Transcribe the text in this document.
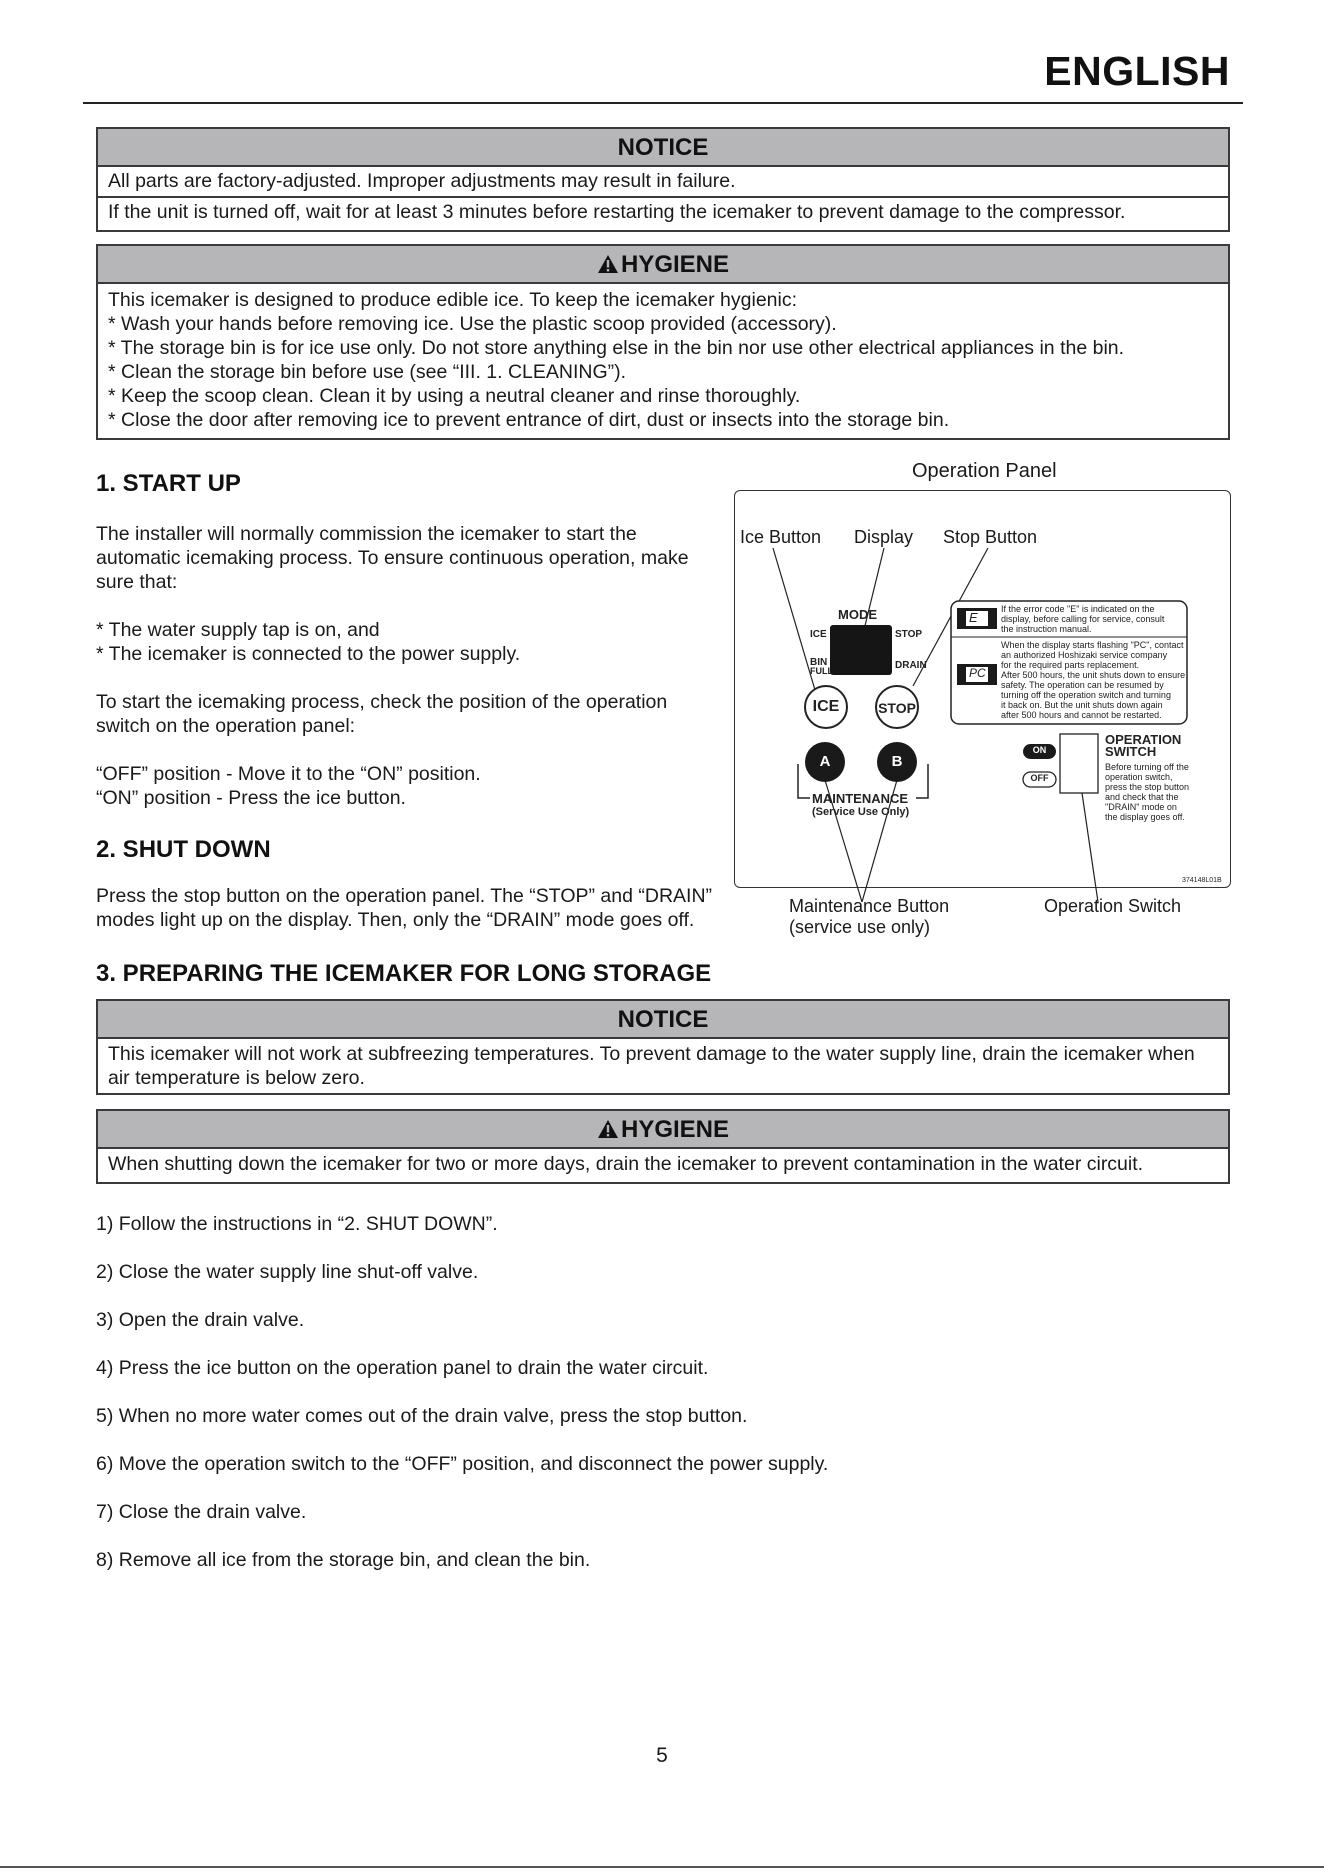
ENGLISH
NOTICE
All parts are factory-adjusted. Improper adjustments may result in failure.
If the unit is turned off, wait for at least 3 minutes before restarting the icemaker to prevent damage to the compressor.
HYGIENE
This icemaker is designed to produce edible ice. To keep the icemaker hygienic:
* Wash your hands before removing ice. Use the plastic scoop provided (accessory).
* The storage bin is for ice use only. Do not store anything else in the bin nor use other electrical appliances in the bin.
* Clean the storage bin before use (see “III. 1. CLEANING”).
* Keep the scoop clean. Clean it by using a neutral cleaner and rinse thoroughly.
* Close the door after removing ice to prevent entrance of dirt, dust or insects into the storage bin.
1. START UP
The installer will normally commission the icemaker to start the
automatic icemaking process. To ensure continuous operation, make
sure that:
* The water supply tap is on, and
* The icemaker is connected to the power supply.
To start the icemaking process, check the position of the operation
switch on the operation panel:
“OFF” position - Move it to the “ON” position.
“ON” position - Press the ice button.
2. SHUT DOWN
Press the stop button on the operation panel. The “STOP” and “DRAIN”
modes light up on the display. Then, only the “DRAIN” mode goes off.
Operation Panel
Ice Button Display Stop Button
MODE
ICE	STOP
BIN
FULL	DRAIN
ICE	STOP
A	B
MAINTENANCE
(Service Use Only)
E
PC
If the error code "E" is indicated on the
display, before calling for service, consult
the instruction manual.
When the display starts flashing "PC", contact
an authorized Hoshizaki service company
for the required parts replacement.
After 500 hours, the unit shuts down to ensure
safety. The operation can be resumed by
turning off the operation switch and turning
it back on. But the unit shuts down again
after 500 hours and cannot be restarted.
ON
OFF
OPERATION
SWITCH
Before turning off the
operation switch,
press the stop button
and check that the
"DRAIN" mode on
the display goes off.
374148L01B
Maintenance Button
(service use only)
Operation Switch
3. PREPARING THE ICEMAKER FOR LONG STORAGE
NOTICE
This icemaker will not work at subfreezing temperatures. To prevent damage to the water supply line, drain the icemaker when
air temperature is below zero.
HYGIENE
When shutting down the icemaker for two or more days, drain the icemaker to prevent contamination in the water circuit.
1) Follow the instructions in “2. SHUT DOWN”.
2) Close the water supply line shut-off valve.
3) Open the drain valve.
4) Press the ice button on the operation panel to drain the water circuit.
5) When no more water comes out of the drain valve, press the stop button.
6) Move the operation switch to the “OFF” position, and disconnect the power supply.
7) Close the drain valve.
8) Remove all ice from the storage bin, and clean the bin.
5
